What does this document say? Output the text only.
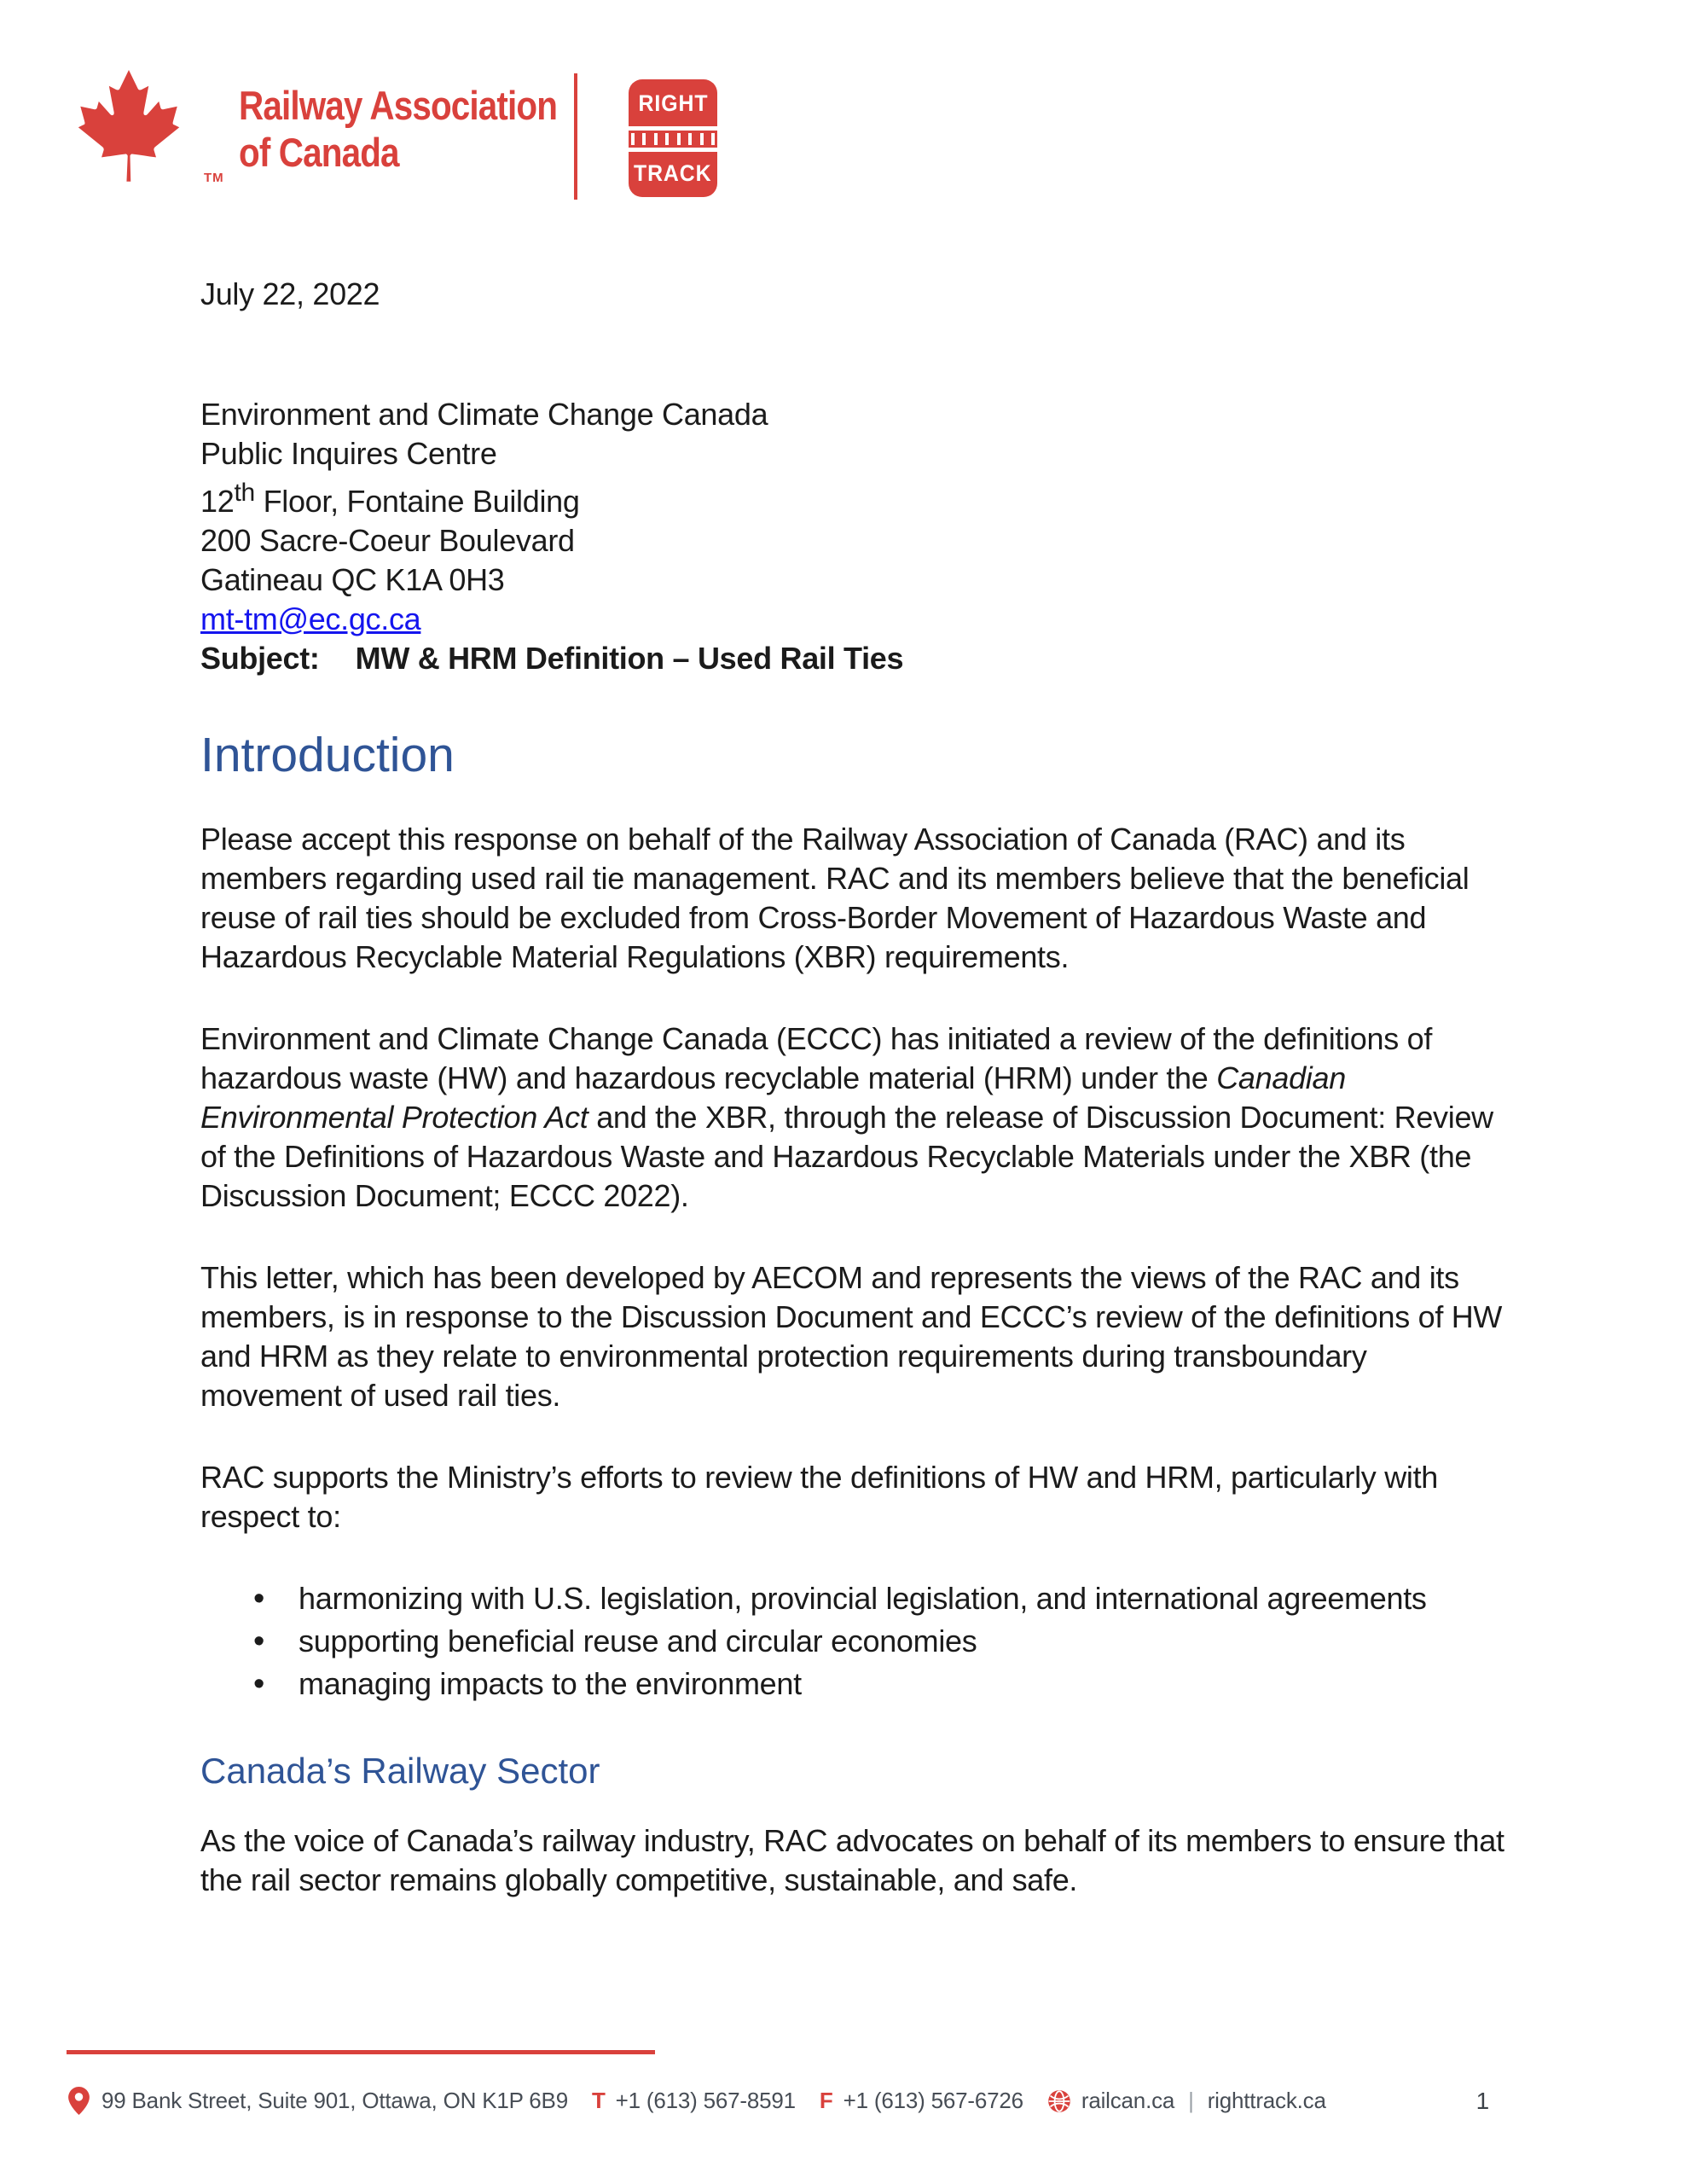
TM
Railway Association
of Canada
RIGHT
TRACK

July 22, 2022

Environment and Climate Change Canada

Public Inquires Centre

12th Floor, Fontaine Building

200 Sacre-Coeur Boulevard

Gatineau QC K1A 0H3

mt-tm@ec.gc.ca

Subject: MW & HRM Definition – Used Rail Ties

Introduction

Please accept this response on behalf of the Railway Association of Canada (RAC) and its members regarding used rail tie management. RAC and its members believe that the beneficial reuse of rail ties should be excluded from Cross-Border Movement of Hazardous Waste and Hazardous Recyclable Material Regulations (XBR) requirements.

Environment and Climate Change Canada (ECCC) has initiated a review of the definitions of hazardous waste (HW) and hazardous recyclable material (HRM) under the Canadian Environmental Protection Act and the XBR, through the release of Discussion Document: Review of the Definitions of Hazardous Waste and Hazardous Recyclable Materials under the XBR (the Discussion Document; ECCC 2022).

This letter, which has been developed by AECOM and represents the views of the RAC and its members, is in response to the Discussion Document and ECCC’s review of the definitions of HW and HRM as they relate to environmental protection requirements during transboundary movement of used rail ties.

RAC supports the Ministry’s efforts to review the definitions of HW and HRM, particularly with respect to:

• harmonizing with U.S. legislation, provincial legislation, and international agreements
• supporting beneficial reuse and circular economies
• managing impacts to the environment
Canada’s Railway Sector

As the voice of Canada’s railway industry, RAC advocates on behalf of its members to ensure that the rail sector remains globally competitive, sustainable, and safe.

99 Bank Street, Suite 901, Ottawa, ON K1P 6B9 T +1 (613) 567-8591 F +1 (613) 567-6726	railcan.ca | righttrack.ca	1
